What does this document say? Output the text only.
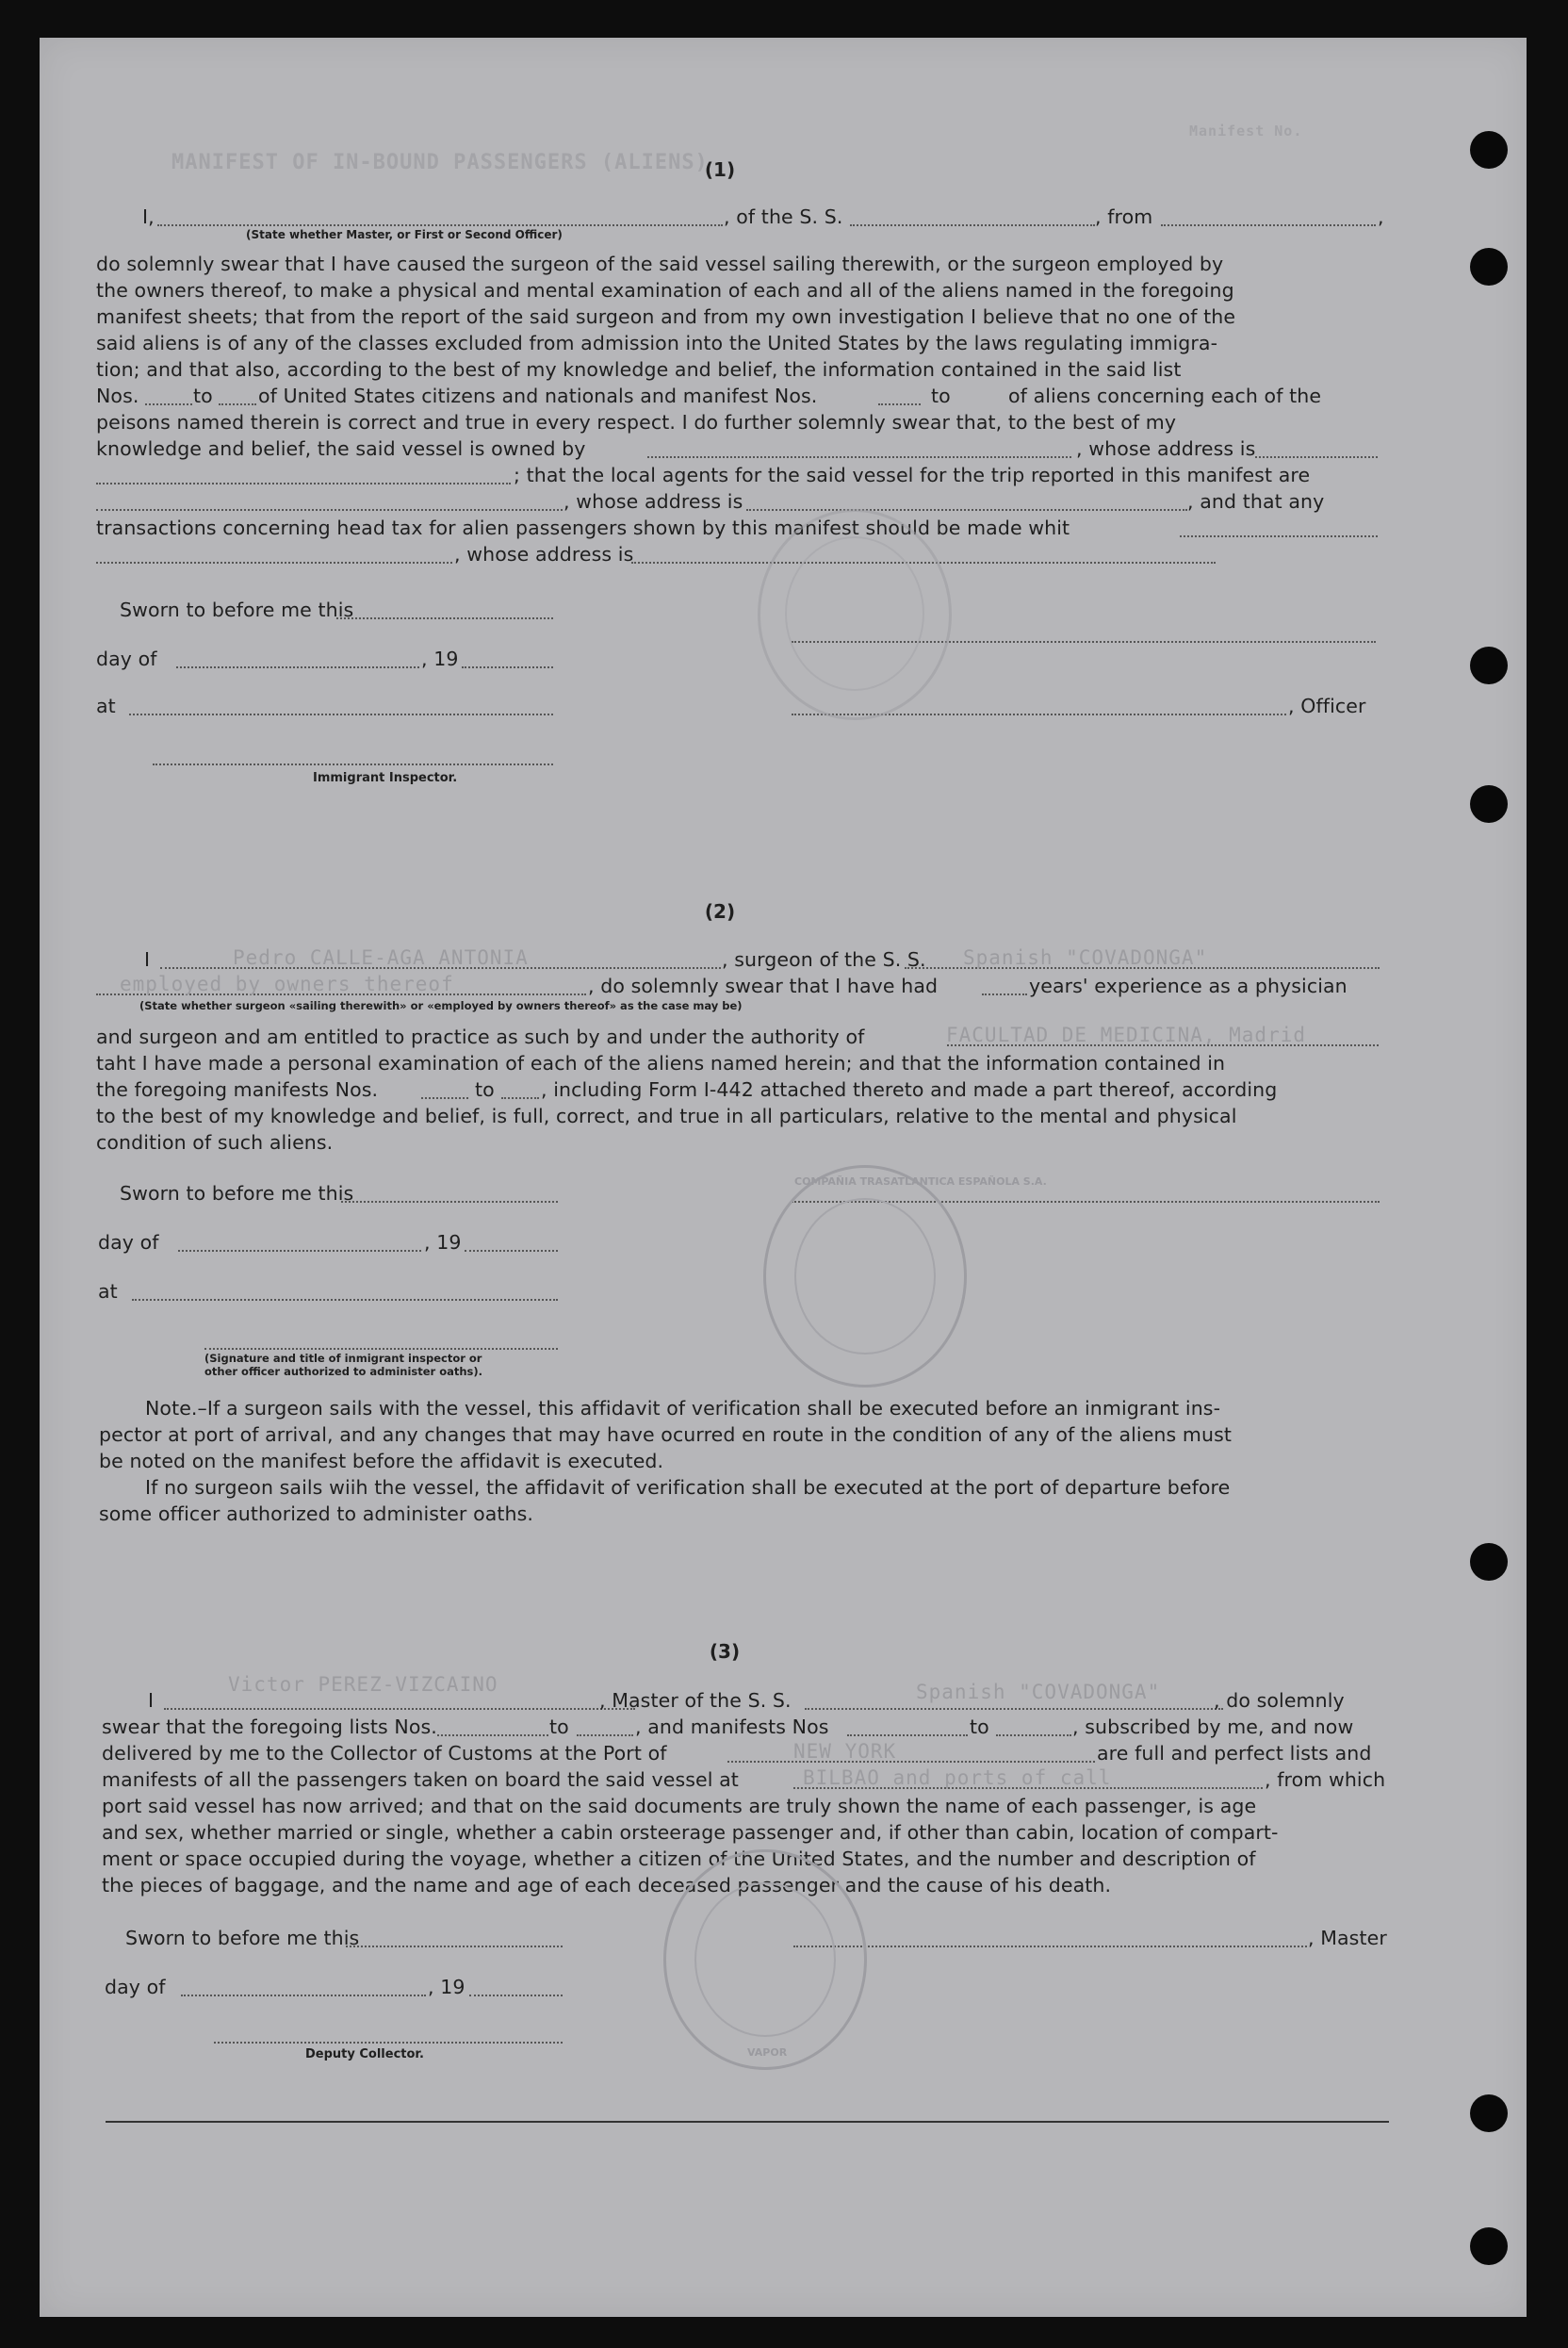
Manifest No.
MANIFEST OF IN-BOUND PASSENGERS (ALIENS)
(1)
I,	, of the S. S.	, from	,
(State whether Master, or First or Second Officer)
do solemnly swear that I have caused the surgeon of the said vessel sailing therewith, or the surgeon employed by
the owners thereof, to make a physical and mental examination of each and all of the aliens named in the foregoing
manifest sheets; that from the report of the said surgeon and from my own investigation I believe that no one of the
said aliens is of any of the classes excluded from admission into the United States by the laws regulating immigra-
tion; and that also, according to the best of my knowledge and belief, the information contained in the said list
Nos.	to of United States citizens and nationals and manifest Nos.	to	of aliens concerning each of the
peisons named therein is correct and true in every respect. I do further solemnly swear that, to the best of my
knowledge and belief, the said vessel is owned by	, whose address is
; that the local agents for the said vessel for the trip reported in this manifest are
, whose address is	, and that any
transactions concerning head tax for alien passengers shown by this manifest should be made whit
, whose address is
Sworn to before me this
day of	, 19
at	, Officer
Immigrant Inspector.
(2)
I	Pedro CALLE-AGA ANTONIA	, surgeon of the S. S. Spanish "COVADONGA"
employed by owners thereof	, do solemnly swear that I have had	years' experience as a physician
(State whether surgeon «sailing therewith» or «employed by owners thereof» as the case may be)
and surgeon and am entitled to practice as such by and under the authority of	FACULTAD DE MEDICINA, Madrid
taht I have made a personal examination of each of the aliens named herein; and that the information contained in
the foregoing manifests Nos.	to , including Form I-442 attached thereto and made a part thereof, according
to the best of my knowledge and belief, is full, correct, and true in all particulars, relative to the mental and physical
condition of such aliens.
Sworn to before me this
day of	, 19
at
(Signature and title of inmigrant inspector or
other officer authorized to administer oaths).
COMPAÑIA TRASATLANTICA ESPAÑOLA S.A.
Note.–If a surgeon sails with the vessel, this affidavit of verification shall be executed before an inmigrant ins-
pector at port of arrival, and any changes that may have ocurred en route in the condition of any of the aliens must
be noted on the manifest before the affidavit is executed.
If no surgeon sails wiih the vessel, the affidavit of verification shall be executed at the port of departure before
some officer authorized to administer oaths.
(3)
I
Victor PEREZ-VIZCAINO
, Master of the S. S.	Spanish "COVADONGA"	, do solemnly
swear that the foregoing lists Nos.	to	, and manifests Nos	to	, subscribed by me, and now
delivered by me to the Collector of Customs at the Port of	NEW YORK	are full and perfect lists and
manifests of all the passengers taken on board the said vessel at	BILBAO and ports of call	, from which
port said vessel has now arrived; and that on the said documents are truly shown the name of each passenger, is age
and sex, whether married or single, whether a cabin orsteerage passenger and, if other than cabin, location of compart-
ment or space occupied during the voyage, whether a citizen of the United States, and the number and description of
the pieces of baggage, and the name and age of each deceased passenger and the cause of his death.
Sworn to before me this	, Master
day of	, 19
Deputy Collector.	VAPOR
